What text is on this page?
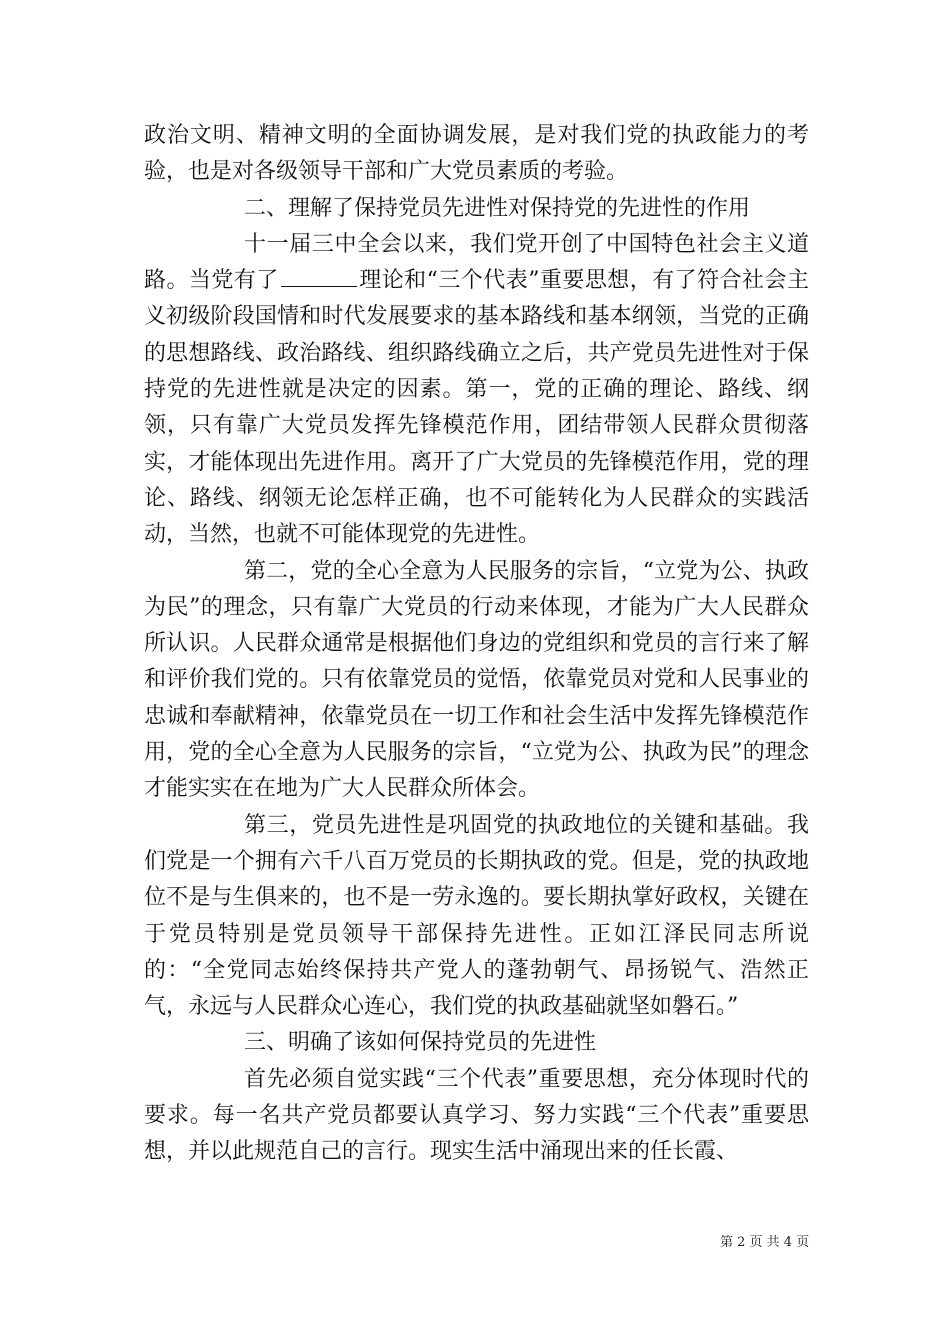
政治文明、精神文明的全面协调发展，是对我们党的执政能力的考验，也是对各级领导干部和广大党员素质的考验。

二、理解了保持党员先进性对保持党的先进性的作用

十一届三中全会以来，我们党开创了中国特色社会主义道路。当党有了	理论和“三个代表”重要思想，有了符合社会主义初级阶段国情和时代发展要求的基本路线和基本纲领，当党的正确的思想路线、政治路线、组织路线确立之后，共产党员先进性对于保持党的先进性就是决定的因素。第一，党的正确的理论、路线、纲领，只有靠广大党员发挥先锋模范作用，团结带领人民群众贯彻落实，才能体现出先进作用。离开了广大党员的先锋模范作用，党的理论、路线、纲领无论怎样正确，也不可能转化为人民群众的实践活动，当然，也就不可能体现党的先进性。

第二，党的全心全意为人民服务的宗旨，“立党为公、执政为民”的理念，只有靠广大党员的行动来体现，才能为广大人民群众所认识。人民群众通常是根据他们身边的党组织和党员的言行来了解和评价我们党的。只有依靠党员的觉悟，依靠党员对党和人民事业的忠诚和奉献精神，依靠党员在一切工作和社会生活中发挥先锋模范作用，党的全心全意为人民服务的宗旨，“立党为公、执政为民”的理念才能实实在在地为广大人民群众所体会。

第三，党员先进性是巩固党的执政地位的关键和基础。我们党是一个拥有六千八百万党员的长期执政的党。但是，党的执政地位不是与生俱来的，也不是一劳永逸的。要长期执掌好政权，关键在于党员特别是党员领导干部保持先进性。正如江泽民同志所说的：“全党同志始终保持共产党人的蓬勃朝气、昂扬锐气、浩然正气，永远与人民群众心连心，我们党的执政基础就坚如磐石。”

三、明确了该如何保持党员的先进性

首先必须自觉实践“三个代表”重要思想，充分体现时代的要求。每一名共产党员都要认真学习、努力实践“三个代表”重要思想，并以此规范自己的言行。现实生活中涌现出来的任长霞、

第 2 页 共 4 页
